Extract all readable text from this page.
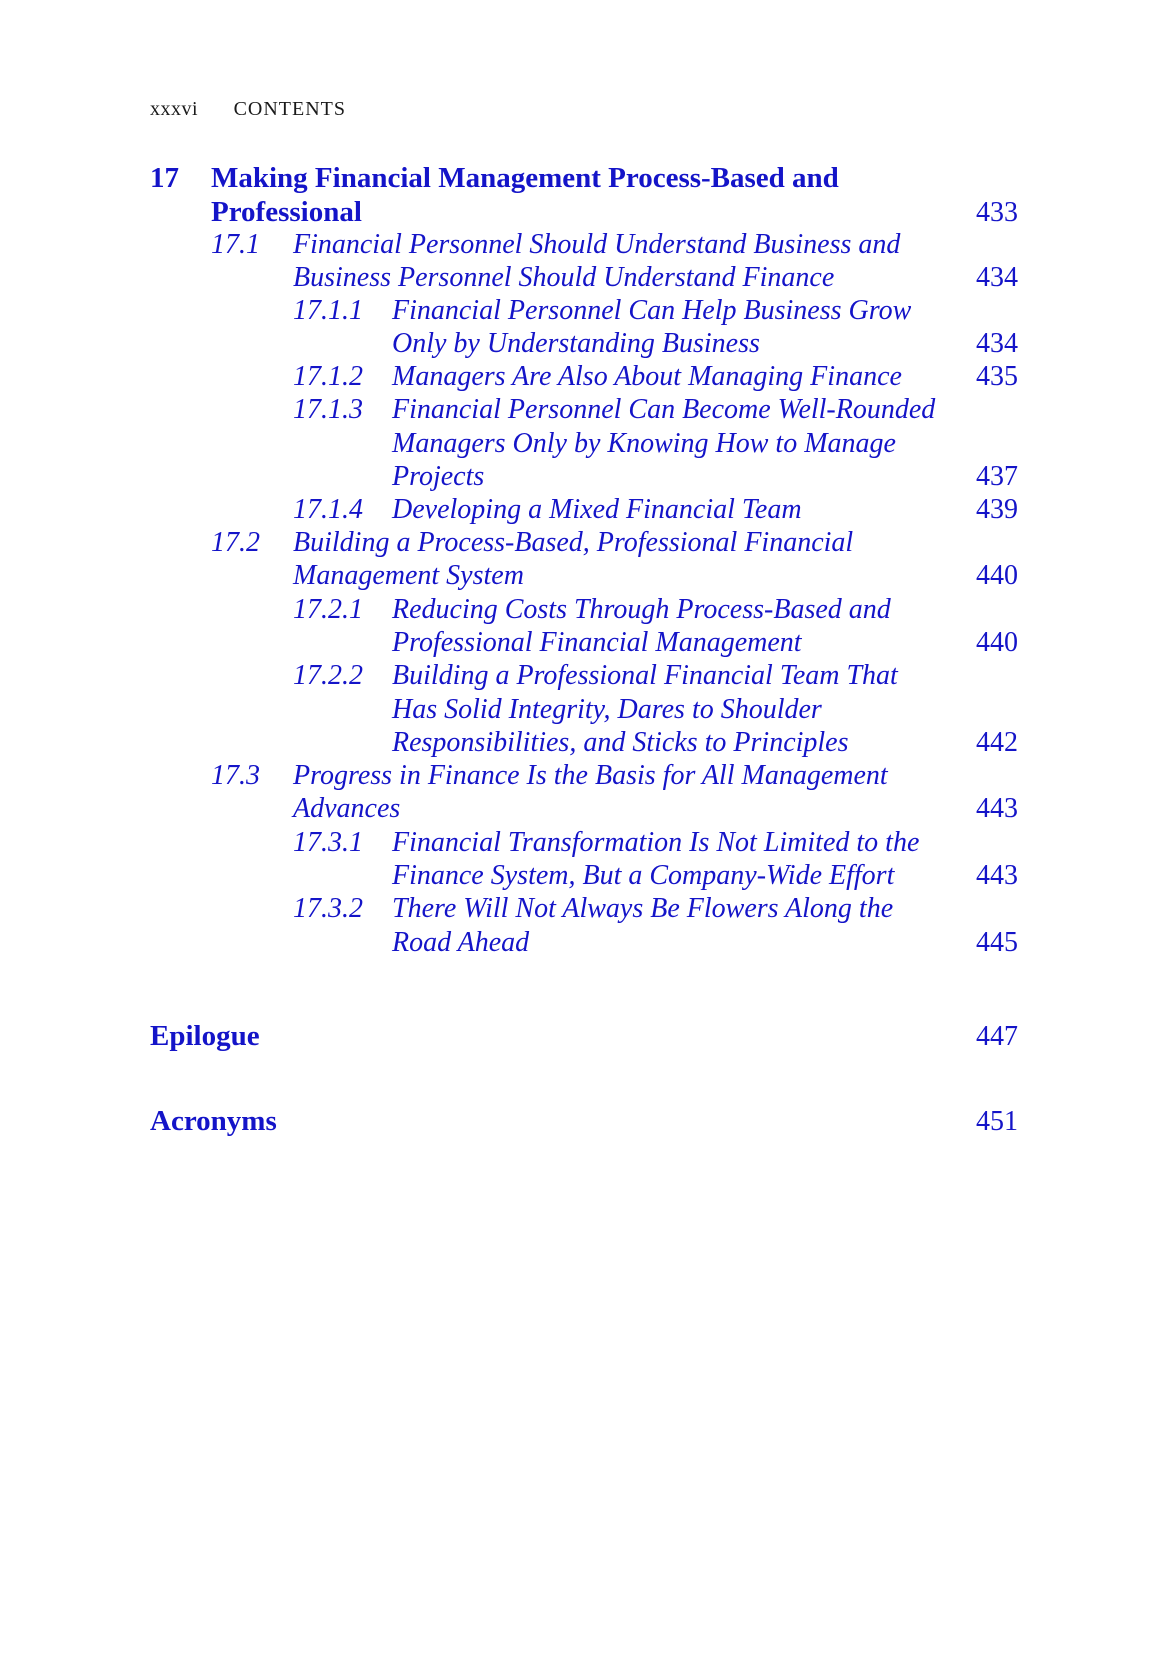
xxxvi CONTENTS
17 Making Financial Management Process-Based and
Professional	433
17.1 Financial Personnel Should Understand Business and
Business Personnel Should Understand Finance	434
17.1.1 Financial Personnel Can Help Business Grow
Only by Understanding Business	434
17.1.2 Managers Are Also About Managing Finance	435
17.1.3 Financial Personnel Can Become Well-Rounded
Managers Only by Knowing How to Manage
Projects	437
17.1.4 Developing a Mixed Financial Team	439
17.2 Building a Process-Based, Professional Financial
Management System	440
17.2.1 Reducing Costs Through Process-Based and
Professional Financial Management	440
17.2.2 Building a Professional Financial Team That
Has Solid Integrity, Dares to Shoulder
Responsibilities, and Sticks to Principles	442
17.3 Progress in Finance Is the Basis for All Management
Advances	443
17.3.1 Financial Transformation Is Not Limited to the
Finance System, But a Company-Wide Effort	443
17.3.2 There Will Not Always Be Flowers Along the
Road Ahead	445
Epilogue	447
Acronyms	451
